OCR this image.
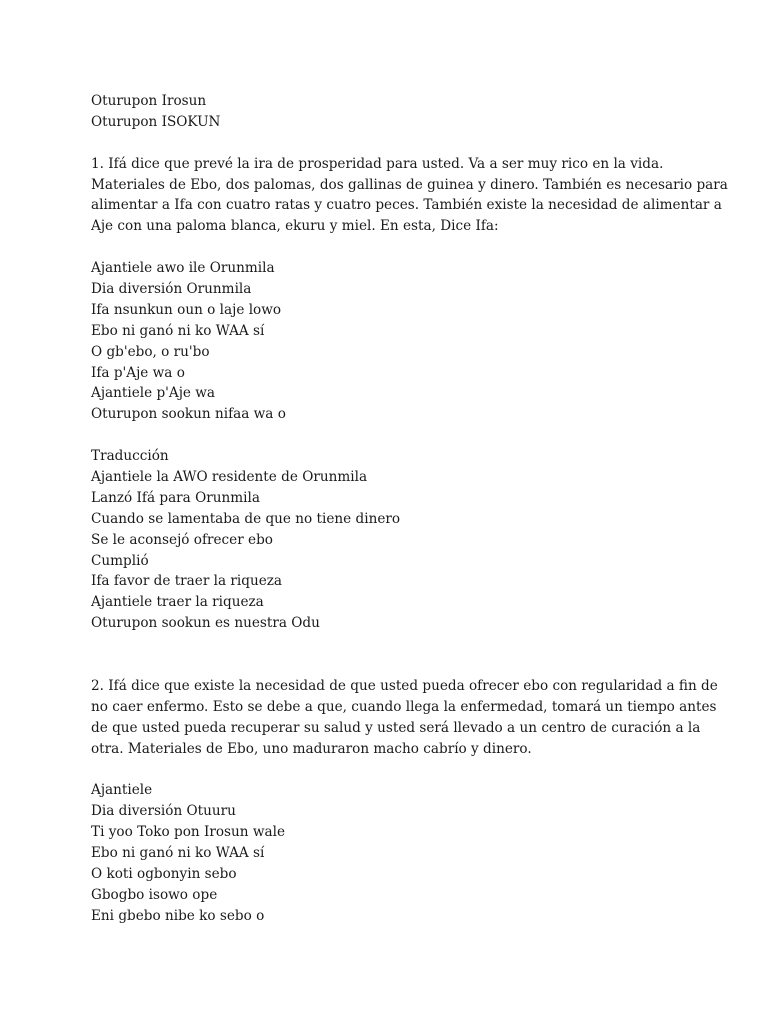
Oturupon Irosun
Oturupon ISOKUN
1. Ifá dice que prevé la ira de prosperidad para usted. Va a ser muy rico en la vida.
Materiales de Ebo, dos palomas, dos gallinas de guinea y dinero. También es necesario para
alimentar a Ifa con cuatro ratas y cuatro peces. También existe la necesidad de alimentar a
Aje con una paloma blanca, ekuru y miel. En esta, Dice Ifa:
Ajantiele awo ile Orunmila
Dia diversión Orunmila
Ifa nsunkun oun o laje lowo
Ebo ni ganó ni ko WAA sí
O gb'ebo, o ru'bo
Ifa p'Aje wa o
Ajantiele p'Aje wa
Oturupon sookun nifaa wa o
Traducción
Ajantiele la AWO residente de Orunmila
Lanzó Ifá para Orunmila
Cuando se lamentaba de que no tiene dinero
Se le aconsejó ofrecer ebo
Cumplió
Ifa favor de traer la riqueza
Ajantiele traer la riqueza
Oturupon sookun es nuestra Odu
2. Ifá dice que existe la necesidad de que usted pueda ofrecer ebo con regularidad a fin de
no caer enfermo. Esto se debe a que, cuando llega la enfermedad, tomará un tiempo antes
de que usted pueda recuperar su salud y usted será llevado a un centro de curación a la
otra. Materiales de Ebo, uno maduraron macho cabrío y dinero.
Ajantiele
Dia diversión Otuuru
Ti yoo Toko pon Irosun wale
Ebo ni ganó ni ko WAA sí
O koti ogbonyin sebo
Gbogbo isowo ope
Eni gbebo nibe ko sebo o
